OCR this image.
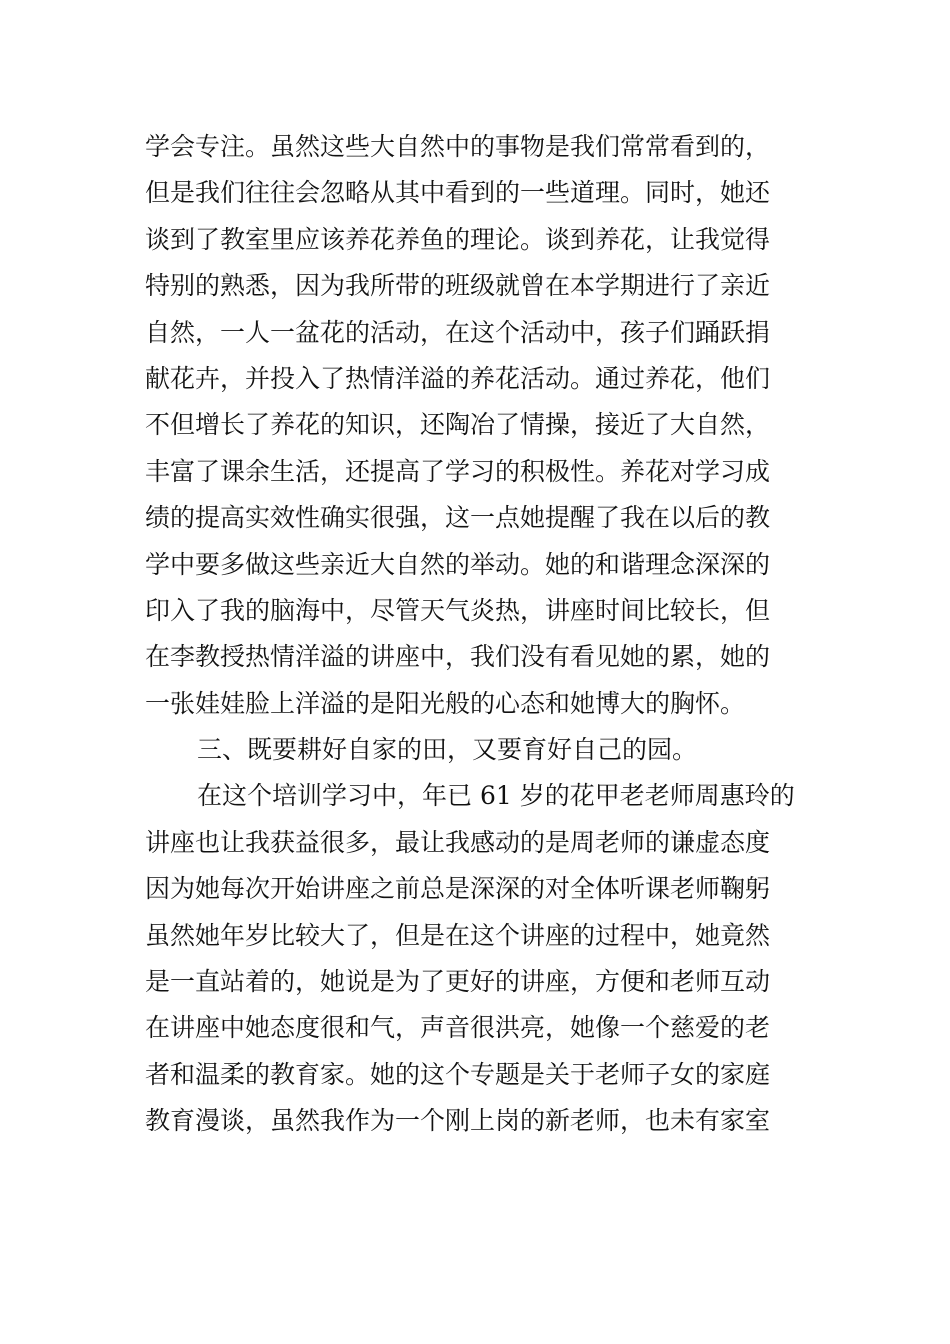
学会专注。虽然这些大自然中的事物是我们常常看到的，
但是我们往往会忽略从其中看到的一些道理。同时，她还
谈到了教室里应该养花养鱼的理论。谈到养花，让我觉得
特别的熟悉，因为我所带的班级就曾在本学期进行了亲近
自然，一人一盆花的活动，在这个活动中，孩子们踊跃捐
献花卉，并投入了热情洋溢的养花活动。通过养花，他们
不但增长了养花的知识，还陶冶了情操，接近了大自然，
丰富了课余生活，还提高了学习的积极性。养花对学习成
绩的提高实效性确实很强，这一点她提醒了我在以后的教
学中要多做这些亲近大自然的举动。她的和谐理念深深的
印入了我的脑海中，尽管天气炎热，讲座时间比较长，但
在李教授热情洋溢的讲座中，我们没有看见她的累，她的
一张娃娃脸上洋溢的是阳光般的心态和她博大的胸怀。
三、既要耕好自家的田，又要育好自己的园。
在这个培训学习中，年已 61 岁的花甲老老师周惠玲的
讲座也让我获益很多，最让我感动的是周老师的谦虚态度
因为她每次开始讲座之前总是深深的对全体听课老师鞠躬
虽然她年岁比较大了，但是在这个讲座的过程中，她竟然
是一直站着的，她说是为了更好的讲座，方便和老师互动
在讲座中她态度很和气，声音很洪亮，她像一个慈爱的老
者和温柔的教育家。她的这个专题是关于老师子女的家庭
教育漫谈，虽然我作为一个刚上岗的新老师，也未有家室
